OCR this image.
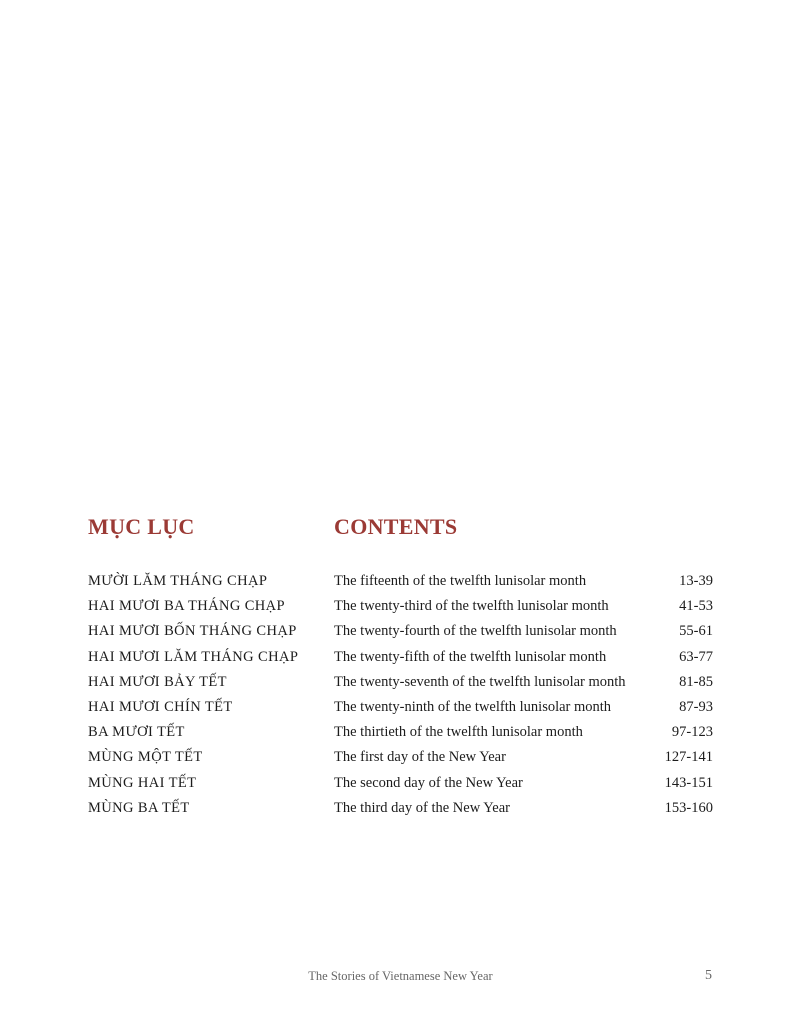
MỤC LỤC	CONTENTS
MƯỜI LĂM THÁNG CHẠP	The fifteenth of the twelfth lunisolar month	13-39
HAI MƯƠI BA THÁNG CHẠP	The twenty-third of the twelfth lunisolar month	41-53
HAI MƯƠI BỐN THÁNG CHẠP	The twenty-fourth of the twelfth lunisolar month	55-61
HAI MƯƠI LĂM THÁNG CHẠP The twenty-fifth of the twelfth lunisolar month	63-77
HAI MƯƠI BẢY TẾT	The twenty-seventh of the twelfth lunisolar month	81-85
HAI MƯƠI CHÍN TẾT	The twenty-ninth of the twelfth lunisolar month	87-93
BA MƯƠI TẾT	The thirtieth of the twelfth lunisolar month	97-123
MÙNG MỘT TẾT	The first day of the New Year	127-141
MÙNG HAI TẾT	The second day of the New Year	143-151
MÙNG BA TẾT	The third day of the New Year	153-160
The Stories of Vietnamese New Year	5
